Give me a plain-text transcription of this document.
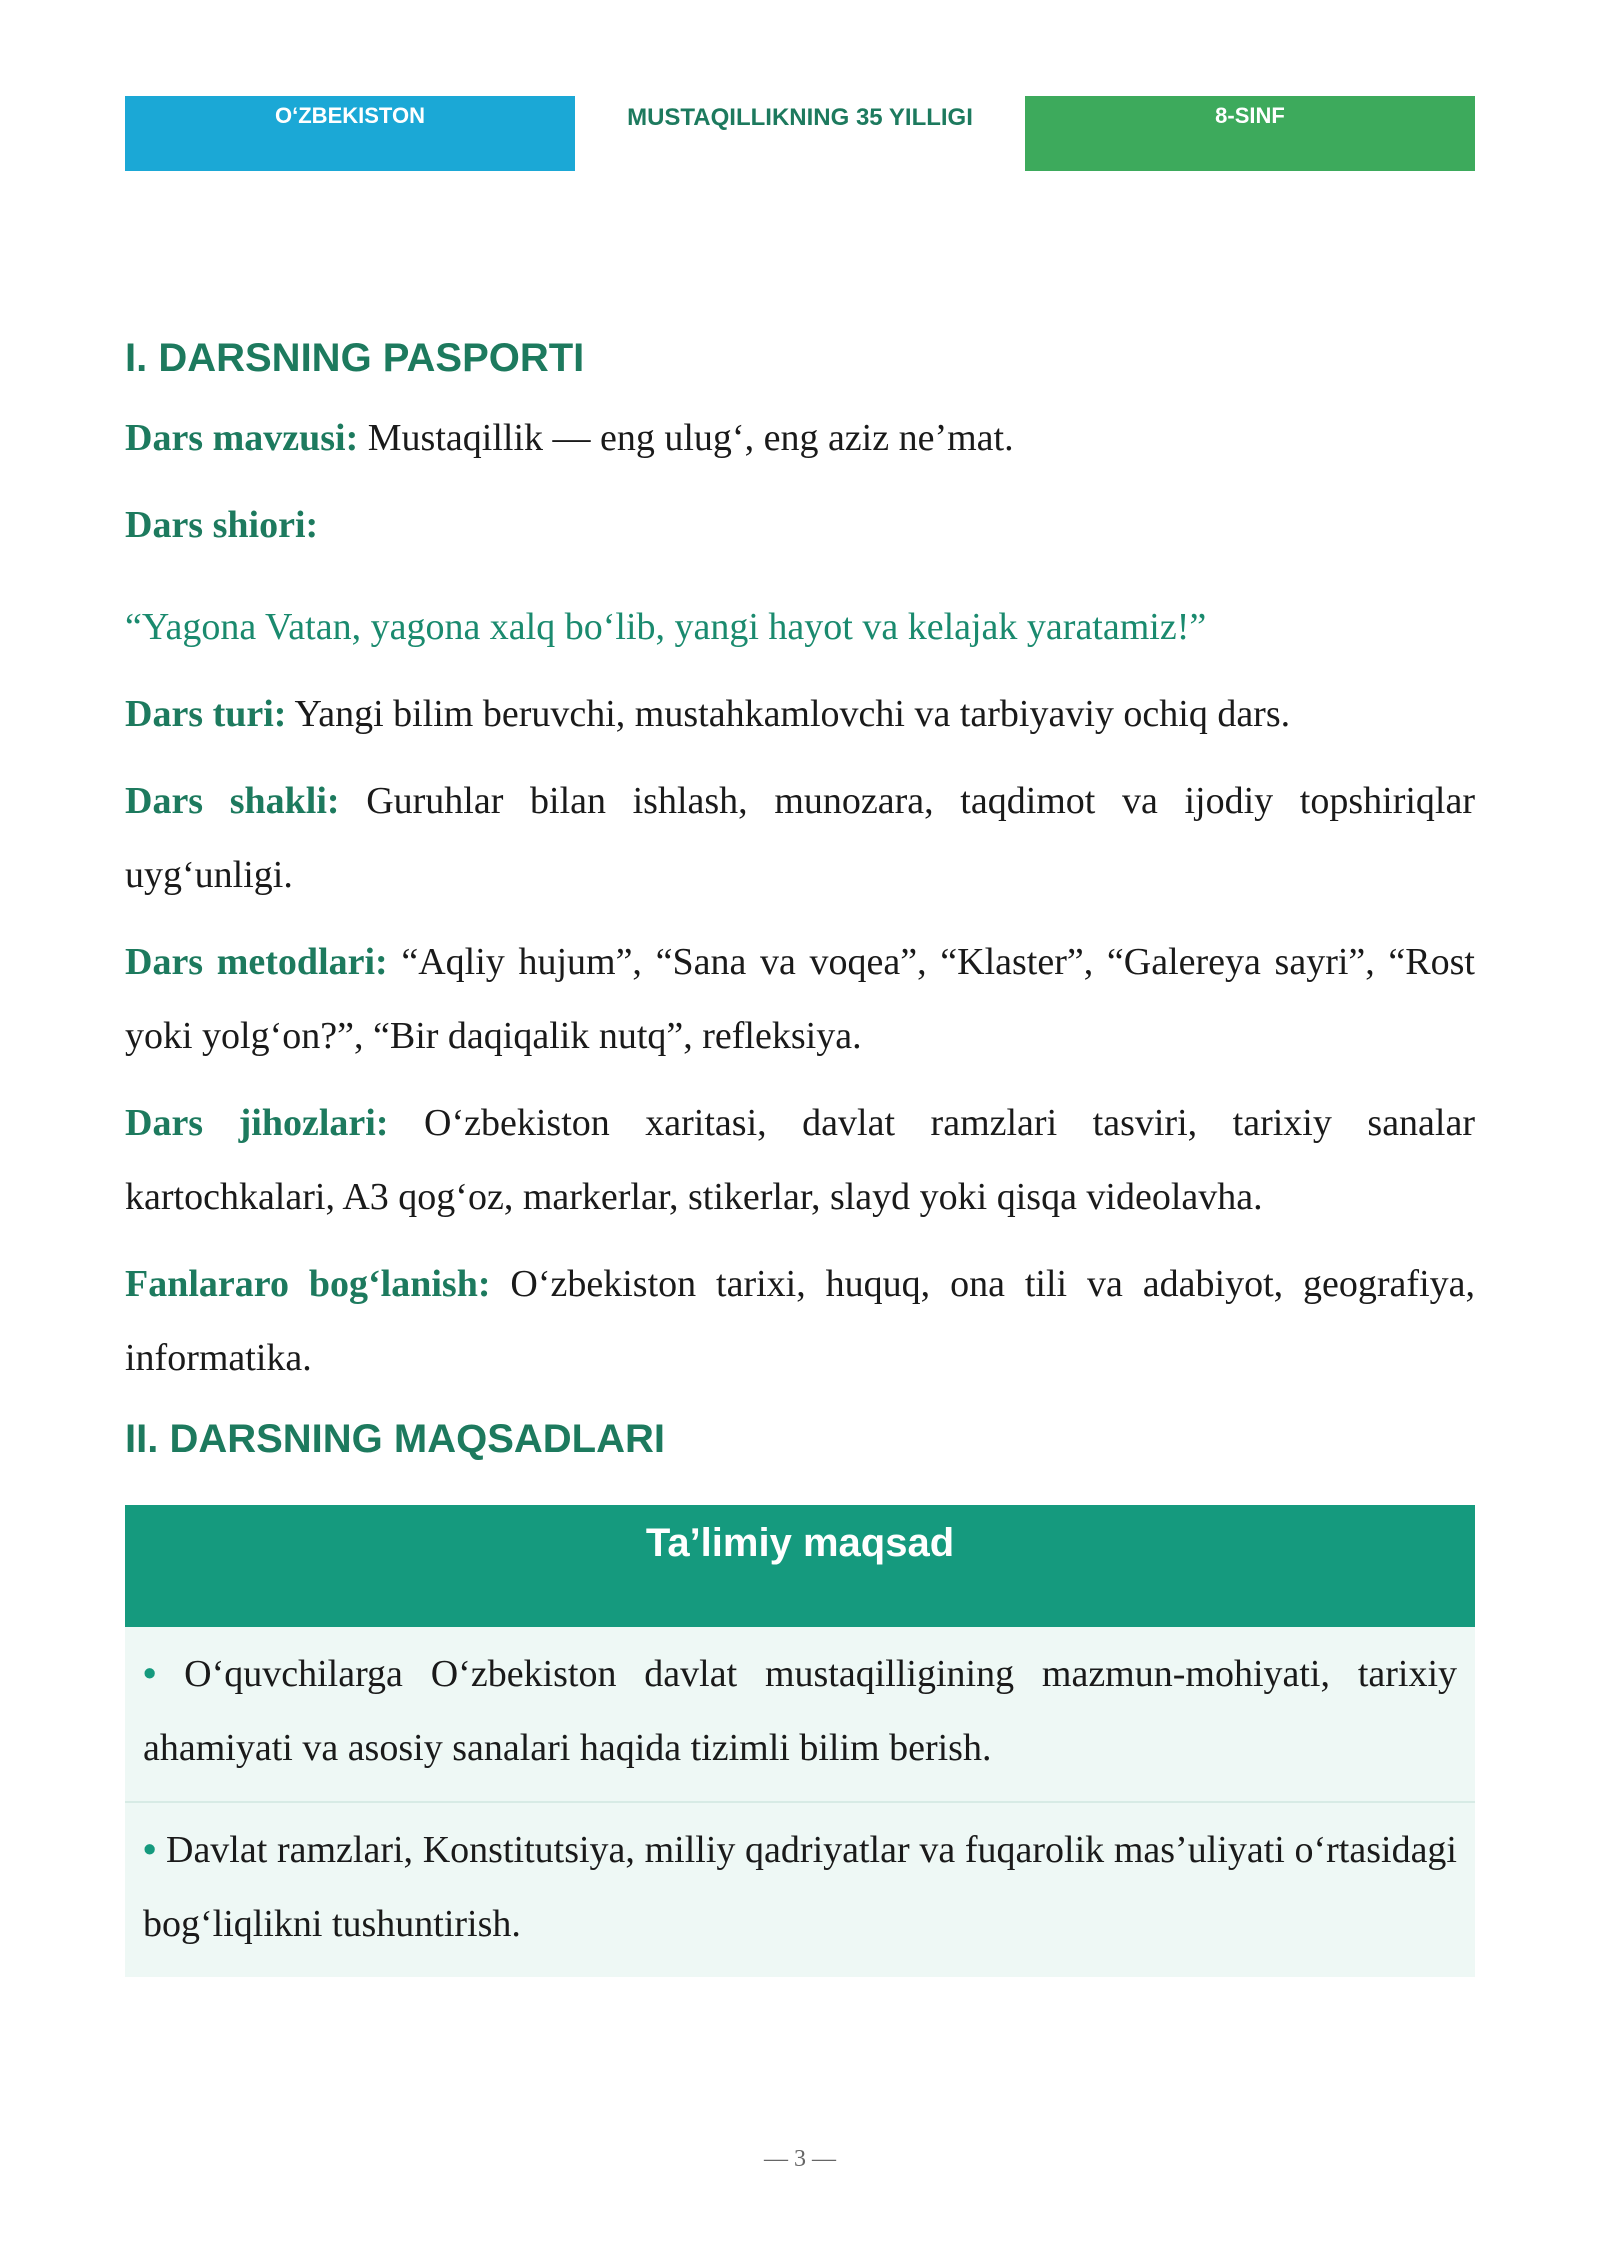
O‘ZBEKISTON	MUSTAQILLIKNING 35 YILLIGI	8-SINF
I. DARSNING PASPORTI

Dars mavzusi: Mustaqillik — eng ulug‘, eng aziz ne’mat.

Dars shiori:

“Yagona Vatan, yagona xalq bo‘lib, yangi hayot va kelajak yaratamiz!”

Dars turi: Yangi bilim beruvchi, mustahkamlovchi va tarbiyaviy ochiq dars.

Dars shakli: Guruhlar bilan ishlash, munozara, taqdimot va ijodiy topshiriqlar uyg‘unligi.

Dars metodlari: “Aqliy hujum”, “Sana va voqea”, “Klaster”, “Galereya sayri”, “Rost yoki yolg‘on?”, “Bir daqiqalik nutq”, refleksiya.

Dars jihozlari: O‘zbekiston xaritasi, davlat ramzlari tasviri, tarixiy sanalar kartochkalari, A3 qog‘oz, markerlar, stikerlar, slayd yoki qisqa videolavha.

Fanlararo bog‘lanish: O‘zbekiston tarixi, huquq, ona tili va adabiyot, geografiya, informatika.

II. DARSNING MAQSADLARI
Ta’limiy maqsad
• O‘quvchilarga O‘zbekiston davlat mustaqilligining mazmun-mohiyati, tarixiy ahamiyati va asosiy sanalari haqida tizimli bilim berish.
• Davlat ramzlari, Konstitutsiya, milliy qadriyatlar va fuqarolik mas’uliyati o‘rtasidagi bog‘liqlikni tushuntirish.
— 3 —
